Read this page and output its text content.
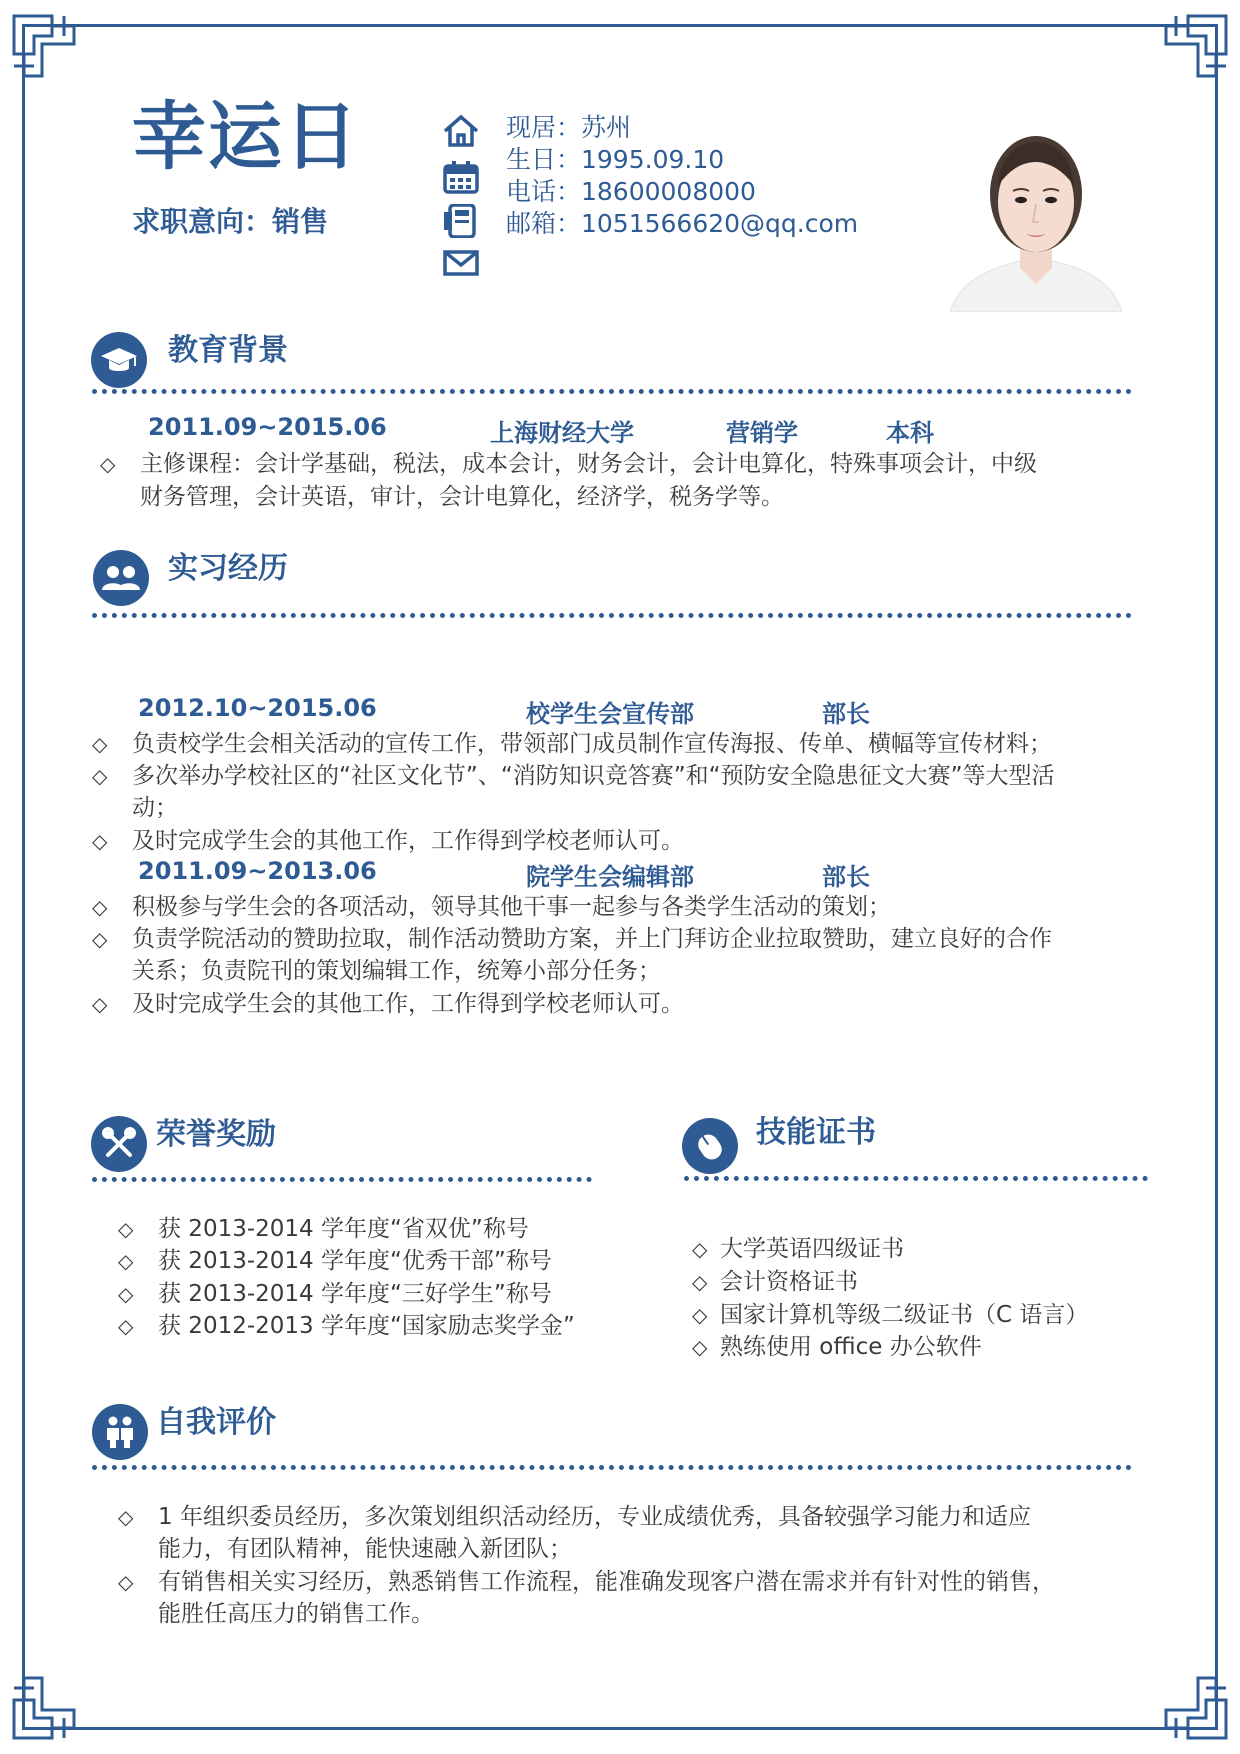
幸运日
求职意向：销售
现居：苏州
生日：1995.09.10
电话：18600008000
邮箱：1051566620@qq.com
教育背景
2011.09~2015.06	上海财经大学	营销学	本科
◇ 主修课程：会计学基础，税法，成本会计，财务会计，会计电算化，特殊事项会计，中级
财务管理，会计英语，审计，会计电算化，经济学，税务学等。
实习经历
2012.10~2015.06	校学生会宣传部	部长
◇ 负责校学生会相关活动的宣传工作，带领部门成员制作宣传海报、传单、横幅等宣传材料；
◇ 多次举办学校社区的“社区文化节”、“消防知识竞答赛”和“预防安全隐患征文大赛”等大型活
动；
◇ 及时完成学生会的其他工作，工作得到学校老师认可。
2011.09~2013.06	院学生会编辑部	部长
◇ 积极参与学生会的各项活动，领导其他干事一起参与各类学生活动的策划；
◇ 负责学院活动的赞助拉取，制作活动赞助方案，并上门拜访企业拉取赞助，建立良好的合作
关系；负责院刊的策划编辑工作，统筹小部分任务；
◇ 及时完成学生会的其他工作，工作得到学校老师认可。
荣誉奖励
◇ 获 2013-2014 学年度“省双优”称号
◇ 获 2013-2014 学年度“优秀干部”称号
◇ 获 2013-2014 学年度“三好学生”称号
◇ 获 2012-2013 学年度“国家励志奖学金”
技能证书
◇ 大学英语四级证书
◇ 会计资格证书
◇ 国家计算机等级二级证书（C 语言）
◇ 熟练使用 office 办公软件
自我评价
◇ 1 年组织委员经历，多次策划组织活动经历，专业成绩优秀，具备较强学习能力和适应
能力，有团队精神，能快速融入新团队；
◇ 有销售相关实习经历，熟悉销售工作流程，能准确发现客户潜在需求并有针对性的销售，
能胜任高压力的销售工作。
